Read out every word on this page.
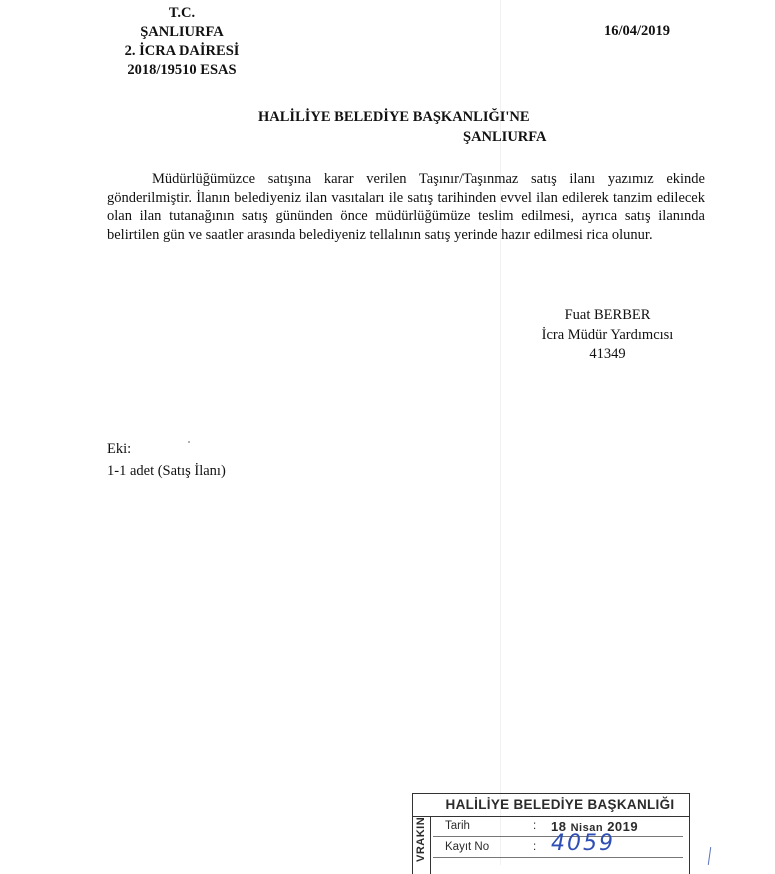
T.C.
ŞANLIURFA
2. İCRA DAİRESİ
2018/19510 ESAS
16/04/2019
HALİLİYE BELEDİYE BAŞKANLIĞI'NE
ŞANLIURFA
Müdürlüğümüzce satışına karar verilen Taşınır/Taşınmaz satış ilanı yazımız ekinde gönderilmiştir. İlanın belediyeniz ilan vasıtaları ile satış tarihinden evvel ilan edilerek tanzim edilecek olan ilan tutanağının satış gününden önce müdürlüğümüze teslim edilmesi, ayrıca satış ilanında belirtilen gün ve saatler arasında belediyeniz tellalının satış yerinde hazır edilmesi rica olunur.
Fuat BERBER
İcra Müdür Yardımcısı
41349
Eki:
1-1 adet (Satış İlanı)
HALİLİYE BELEDİYE BAŞKANLIĞI
VRAKIN Tarih	: 18 Nisan 2019
Kayıt No	: 4059
